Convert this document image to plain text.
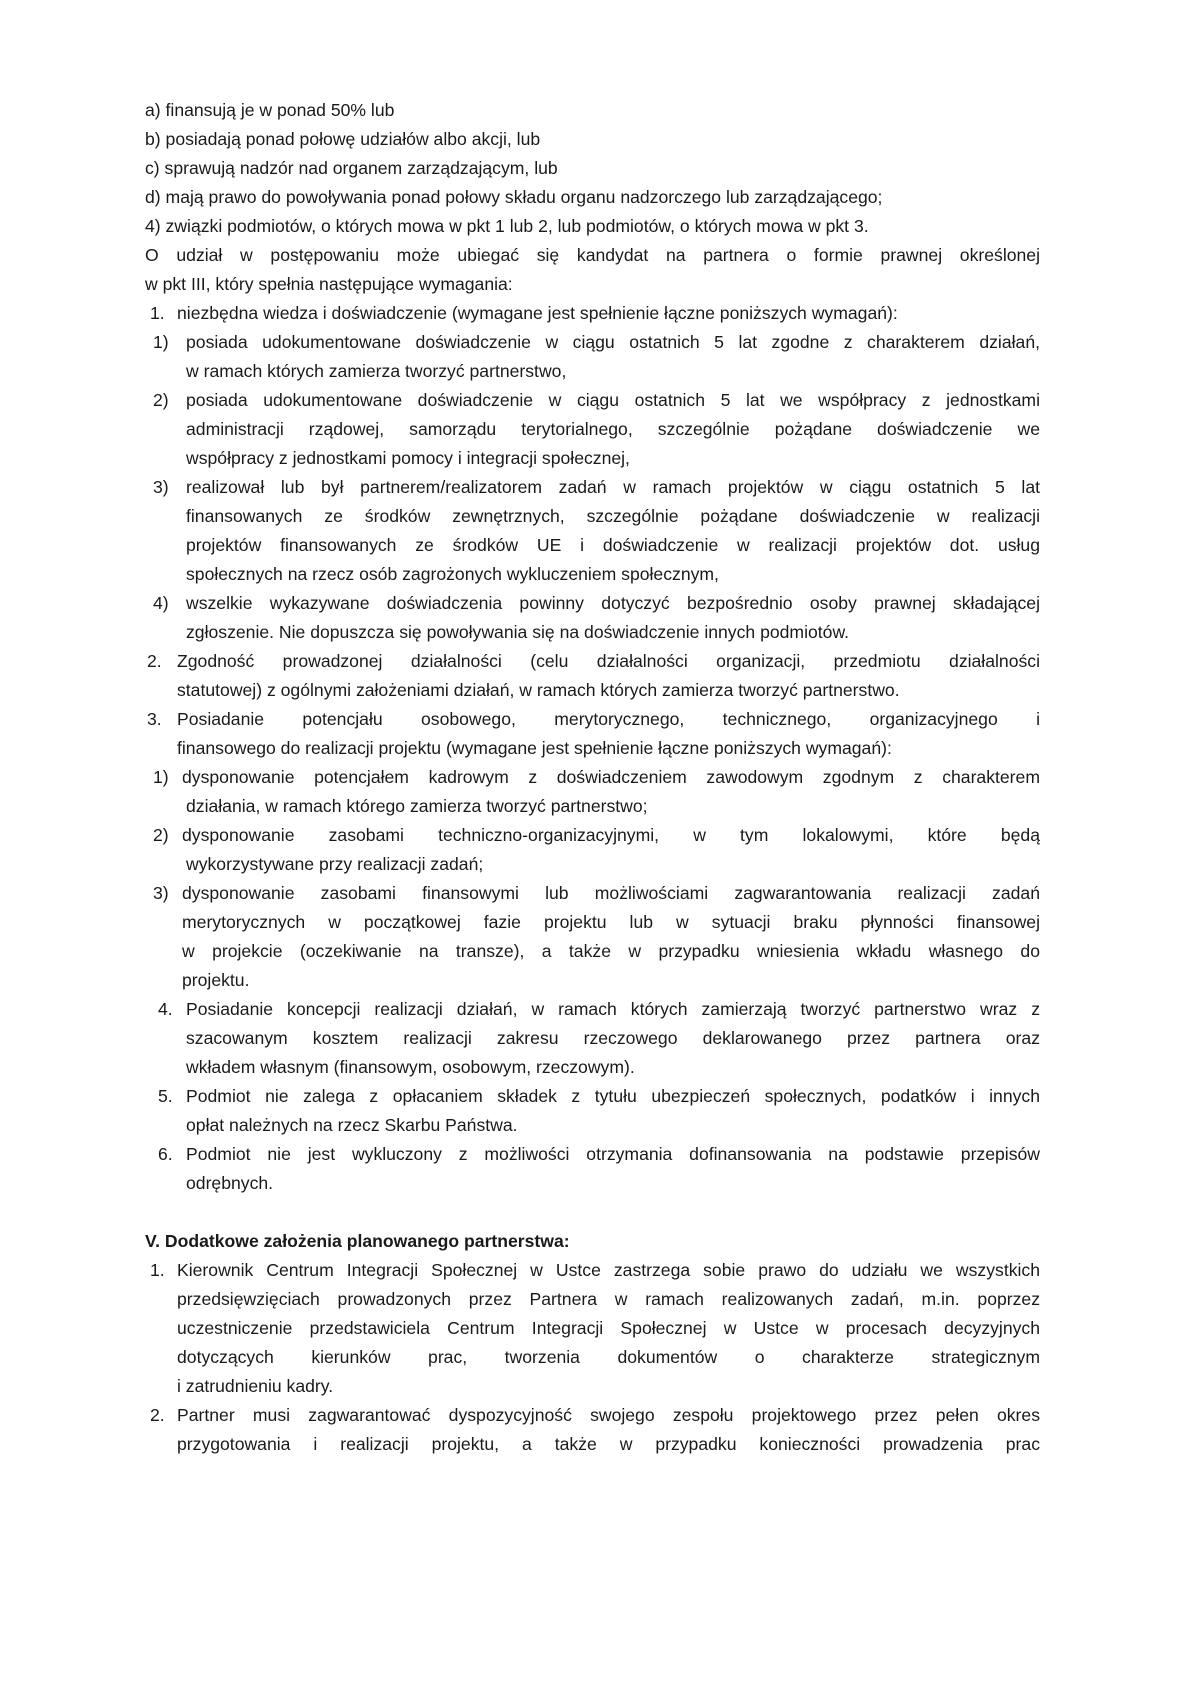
a) finansują je w ponad 50% lub
b) posiadają ponad połowę udziałów albo akcji, lub
c) sprawują nadzór nad organem zarządzającym, lub
d) mają prawo do powoływania ponad połowy składu organu nadzorczego lub zarządzającego;
4) związki podmiotów, o których mowa w pkt 1 lub 2, lub podmiotów, o których mowa w pkt 3.
O udział w postępowaniu może ubiegać się kandydat na partnera o formie prawnej określonej
w pkt III, który spełnia następujące wymagania:
1. niezbędna wiedza i doświadczenie (wymagane jest spełnienie łączne poniższych wymagań):
1) posiada udokumentowane doświadczenie w ciągu ostatnich 5 lat zgodne z charakterem działań,
w ramach których zamierza tworzyć partnerstwo,
2) posiada udokumentowane doświadczenie w ciągu ostatnich 5 lat we współpracy z jednostkami
administracji rządowej, samorządu terytorialnego, szczególnie pożądane doświadczenie we
współpracy z jednostkami pomocy i integracji społecznej,
3) realizował lub był partnerem/realizatorem zadań w ramach projektów w ciągu ostatnich 5 lat
finansowanych ze środków zewnętrznych, szczególnie pożądane doświadczenie w realizacji
projektów finansowanych ze środków UE i doświadczenie w realizacji projektów dot. usług
społecznych na rzecz osób zagrożonych wykluczeniem społecznym,
4) wszelkie wykazywane doświadczenia powinny dotyczyć bezpośrednio osoby prawnej składającej
zgłoszenie. Nie dopuszcza się powoływania się na doświadczenie innych podmiotów.
2. Zgodność prowadzonej działalności (celu działalności organizacji, przedmiotu działalności
statutowej) z ogólnymi założeniami działań, w ramach których zamierza tworzyć partnerstwo.
3. Posiadanie potencjału osobowego, merytorycznego, technicznego, organizacyjnego i
finansowego do realizacji projektu (wymagane jest spełnienie łączne poniższych wymagań):
1) dysponowanie potencjałem kadrowym z doświadczeniem zawodowym zgodnym z charakterem
działania, w ramach którego zamierza tworzyć partnerstwo;
2) dysponowanie zasobami techniczno-organizacyjnymi, w tym lokalowymi, które będą
wykorzystywane przy realizacji zadań;
3) dysponowanie zasobami finansowymi lub możliwościami zagwarantowania realizacji zadań
merytorycznych w początkowej fazie projektu lub w sytuacji braku płynności finansowej
w projekcie (oczekiwanie na transze), a także w przypadku wniesienia wkładu własnego do
projektu.
4. Posiadanie koncepcji realizacji działań, w ramach których zamierzają tworzyć partnerstwo wraz z
szacowanym kosztem realizacji zakresu rzeczowego deklarowanego przez partnera oraz
wkładem własnym (finansowym, osobowym, rzeczowym).
5. Podmiot nie zalega z opłacaniem składek z tytułu ubezpieczeń społecznych, podatków i innych
opłat należnych na rzecz Skarbu Państwa.
6. Podmiot nie jest wykluczony z możliwości otrzymania dofinansowania na podstawie przepisów
odrębnych.
V. Dodatkowe założenia planowanego partnerstwa:
1. Kierownik Centrum Integracji Społecznej w Ustce zastrzega sobie prawo do udziału we wszystkich
przedsięwzięciach prowadzonych przez Partnera w ramach realizowanych zadań, m.in. poprzez
uczestniczenie przedstawiciela Centrum Integracji Społecznej w Ustce w procesach decyzyjnych
dotyczących kierunków prac, tworzenia dokumentów o charakterze strategicznym
i zatrudnieniu kadry.
2. Partner musi zagwarantować dyspozycyjność swojego zespołu projektowego przez pełen okres
przygotowania i realizacji projektu, a także w przypadku konieczności prowadzenia prac
